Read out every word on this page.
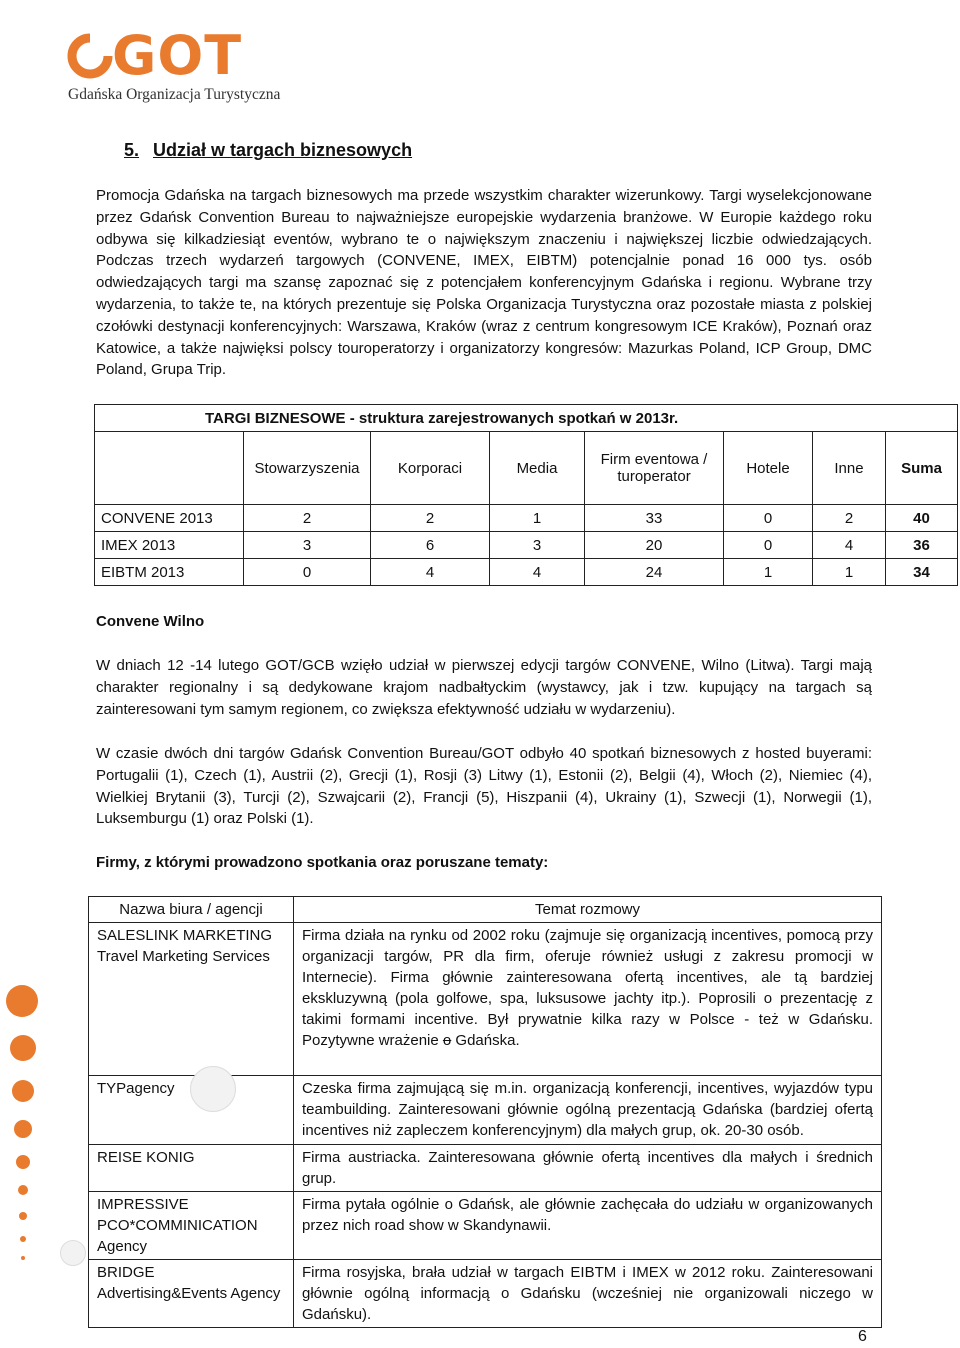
GOT
Gdańska Organizacja Turystyczna
5. Udział w targach biznesowych
Promocja Gdańska na targach biznesowych ma przede wszystkim charakter wizerunkowy. Targi wyselekcjonowane przez Gdańsk Convention Bureau to najważniejsze europejskie wydarzenia branżowe. W Europie każdego roku odbywa się kilkadziesiąt eventów, wybrano te o największym znaczeniu i największej liczbie odwiedzających. Podczas trzech wydarzeń targowych (CONVENE, IMEX, EIBTM) potencjalnie ponad 16 000 tys. osób odwiedzających targi ma szansę zapoznać się z potencjałem konferencyjnym Gdańska i regionu. Wybrane trzy wydarzenia, to także te, na których prezentuje się Polska Organizacja Turystyczna oraz pozostałe miasta z polskiej czołówki destynacji konferencyjnych: Warszawa, Kraków (wraz z centrum kongresowym ICE Kraków), Poznań oraz Katowice, a także najwięksi polscy touroperatorzy i organizatorzy kongresów: Mazurkas Poland, ICP Group, DMC Poland, Grupa Trip.
TARGI BIZNESOWE - struktura zarejestrowanych spotkań w 2013r.							
	Stowarzyszenia	Korporaci	Media	Firm eventowa / turoperator	Hotele	Inne	Suma
CONVENE 2013	2	2	1	33	0	2	40
IMEX 2013	3	6	3	20	0	4	36
EIBTM 2013	0	4	4	24	1	1	34
Convene Wilno
W dniach 12 -14 lutego GOT/GCB wzięło udział w pierwszej edycji targów CONVENE, Wilno (Litwa). Targi mają charakter regionalny i są dedykowane krajom nadbałtyckim (wystawcy, jak i tzw. kupujący na targach są zainteresowani tym samym regionem, co zwiększa efektywność udziału w wydarzeniu).
W czasie dwóch dni targów Gdańsk Convention Bureau/GOT odbyło 40 spotkań biznesowych z hosted buyerami: Portugalii (1), Czech (1), Austrii (2), Grecji (1), Rosji (3) Litwy (1), Estonii (2), Belgii (4), Włoch (2), Niemiec (4), Wielkiej Brytanii (3), Turcji (2), Szwajcarii (2), Francji (5), Hiszpanii (4), Ukrainy (1), Szwecji (1), Norwegii (1), Luksemburgu (1) oraz Polski (1).
Firmy, z którymi prowadzono spotkania oraz poruszane tematy:
Nazwa biura / agencji	Temat rozmowy
SALESLINK MARKETING Travel Marketing Services	Firma działa na rynku od 2002 roku (zajmuje się organizacją incentives, pomocą przy organizacji targów, PR dla firm, oferuje również usługi z zakresu promocji w Internecie). Firma głównie zainteresowana ofertą incentives, ale tą bardziej ekskluzywną (pola golfowe, spa, luksusowe jachty itp.). Poprosili o prezentację z takimi formami incentive. Był prywatnie kilka razy w Polsce - też w Gdańsku. Pozytywne wrażenie o Gdańska.
TYPagency	Czeska firma zajmującą się m.in. organizacją konferencji, incentives, wyjazdów typu teambuilding. Zainteresowani głównie ogólną prezentacją Gdańska (bardziej ofertą incentives niż zapleczem konferencyjnym) dla małych grup, ok. 20-30 osób.
REISE KONIG	Firma austriacka. Zainteresowana głównie ofertą incentives dla małych i średnich grup.
IMPRESSIVE PCO*COMMINICATION Agency	Firma pytała ogólnie o Gdańsk, ale głównie zachęcała do udziału w organizowanych przez nich road show w Skandynawii.
BRIDGE Advertising&Events Agency	Firma rosyjska, brała udział w targach EIBTM i IMEX w 2012 roku. Zainteresowani głównie ogólną informacją o Gdańsku (wcześniej nie organizowali niczego w Gdańsku).
6
